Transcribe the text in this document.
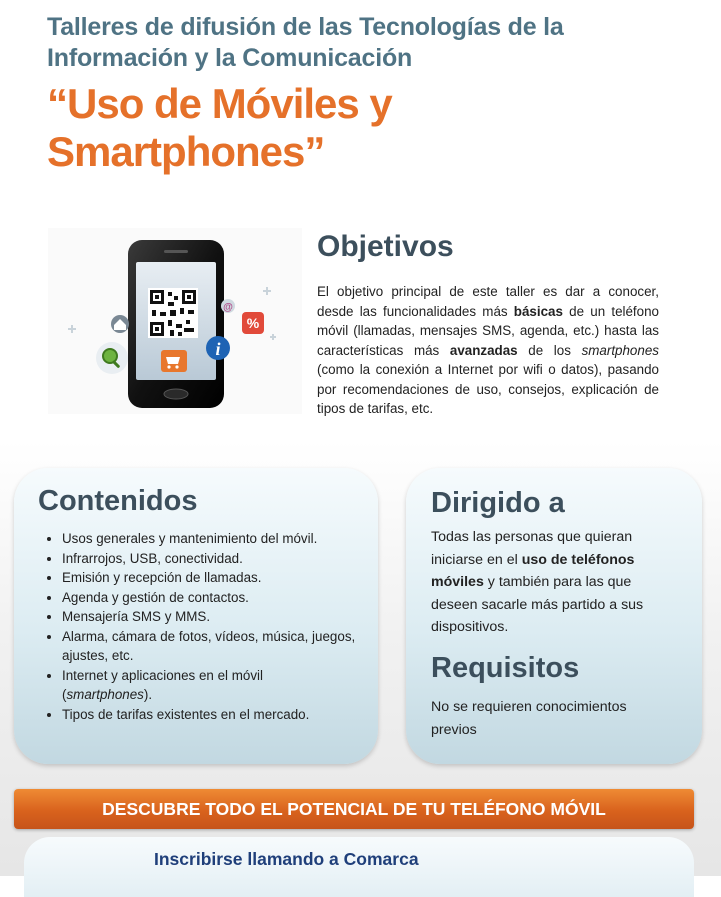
Talleres de difusión de las Tecnologías de la
Información y la Comunicación
“Uso de Móviles y
Smartphones”
i
%
@
Objetivos
El objetivo principal de este taller es dar a conocer, desde las funcionalidades más básicas de un teléfono móvil (llamadas, mensajes SMS, agenda, etc.) hasta las características más avanzadas de los smartphones (como la conexión a Internet por wifi o datos), pasando por recomendaciones de uso, consejos, explicación de tipos de tarifas, etc.
Contenidos
• Usos generales y mantenimiento del móvil.
• Infrarrojos, USB, conectividad.
• Emisión y recepción de llamadas.
• Agenda y gestión de contactos.
• Mensajería SMS y MMS.
• Alarma, cámara de fotos, vídeos, música, juegos, ajustes, etc.
• Internet y aplicaciones en el móvil
(smartphones).
• Tipos de tarifas existentes en el mercado.
Dirigido a
Todas las personas que quieran iniciarse en el uso de teléfonos móviles y también para las que deseen sacarle más partido a sus dispositivos.
Requisitos
No se requieren conocimientos previos
DESCUBRE TODO EL POTENCIAL DE TU TELÉFONO MÓVIL
Inscribirse llamando a Comarca
